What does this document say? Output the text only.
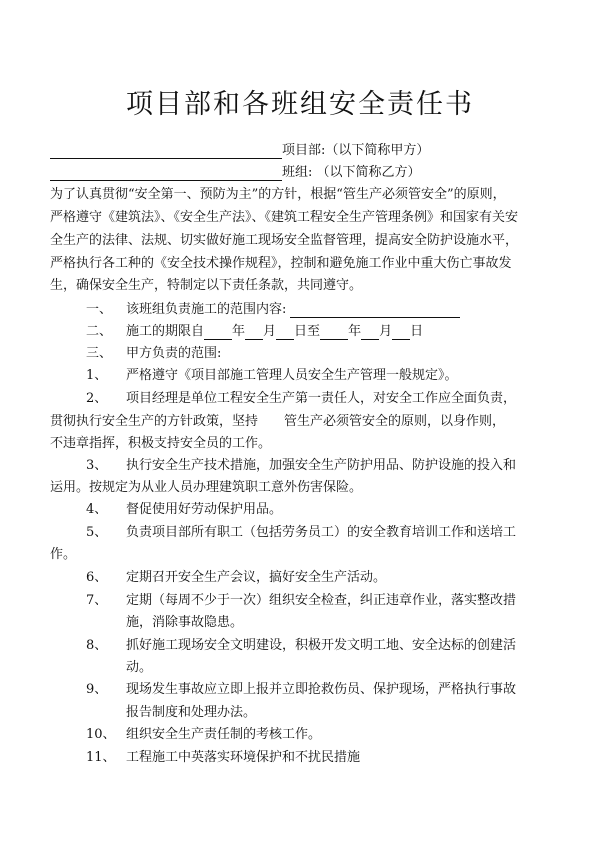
项目部和各班组安全责任书
项目部:（以下简称甲方）
班组: （以下简称乙方）
为了认真贯彻“安全第一、预防为主”的方针，根据“管生产必须管安全”的原则，
严格遵守《建筑法》、《安全生产法》、《建筑工程安全生产管理条例》和国家有关安
全生产的法律、法规、切实做好施工现场安全监督管理，提高安全防护设施水平，
严格执行各工种的《安全技术操作规程》，控制和避免施工作业中重大伤亡事故发
生，确保安全生产，特制定以下责任条款，共同遵守。
一、 该班组负责施工的范围内容:
二、 施工的期限自 年 月 日至 年 月 日
三、 甲方负责的范围:
1、 严格遵守《项目部施工管理人员安全生产管理一般规定》。
2、 项目经理是单位工程安全生产第一责任人，对安全工作应全面负责，
贯彻执行安全生产的方针政策，坚持　　管生产必须管安全的原则，以身作则，
不违章指挥，积极支持安全员的工作。
3、 执行安全生产技术措施，加强安全生产防护用品、防护设施的投入和
运用。按规定为从业人员办理建筑职工意外伤害保险。
4、 督促使用好劳动保护用品。
5、 负责项目部所有职工（包括劳务员工）的安全教育培训工作和送培工
作。
6、 定期召开安全生产会议，搞好安全生产活动。
7、 定期（每周不少于一次）组织安全检查，纠正违章作业，落实整改措
施，消除事故隐患。
8、 抓好施工现场安全文明建设，积极开发文明工地、安全达标的创建活
动。
9、 现场发生事故应立即上报并立即抢救伤员、保护现场，严格执行事故
报告制度和处理办法。
10、 组织安全生产责任制的考核工作。
11、 工程施工中英落实环境保护和不扰民措施
